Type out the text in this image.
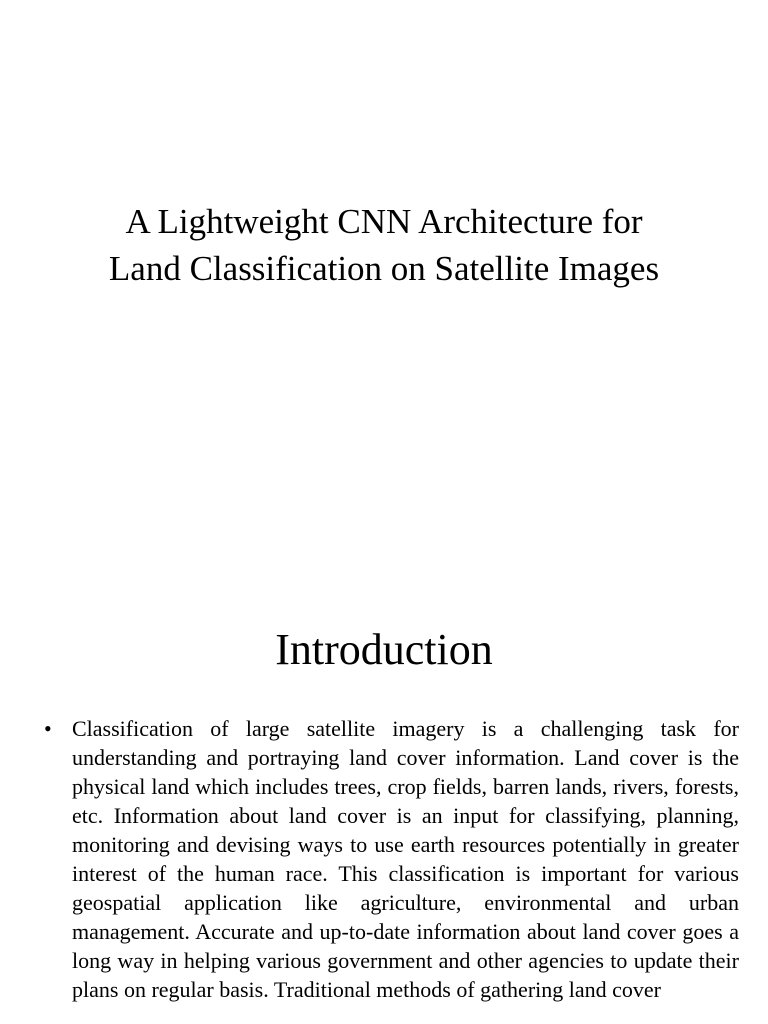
A Lightweight CNN Architecture for
Land Classification on Satellite Images
Introduction
• Classification of large satellite imagery is a challenging task for understanding and portraying land cover information. Land cover is the physical land which includes trees, crop fields, barren lands, rivers, forests, etc. Information about land cover is an input for classifying, planning, monitoring and devising ways to use earth resources potentially in greater interest of the human race. This classification is important for various geospatial application like agriculture, environmental and urban management. Accurate and up-to-date information about land cover goes a long way in helping various government and other agencies to update their plans on regular basis. Traditional methods of gathering land cover
